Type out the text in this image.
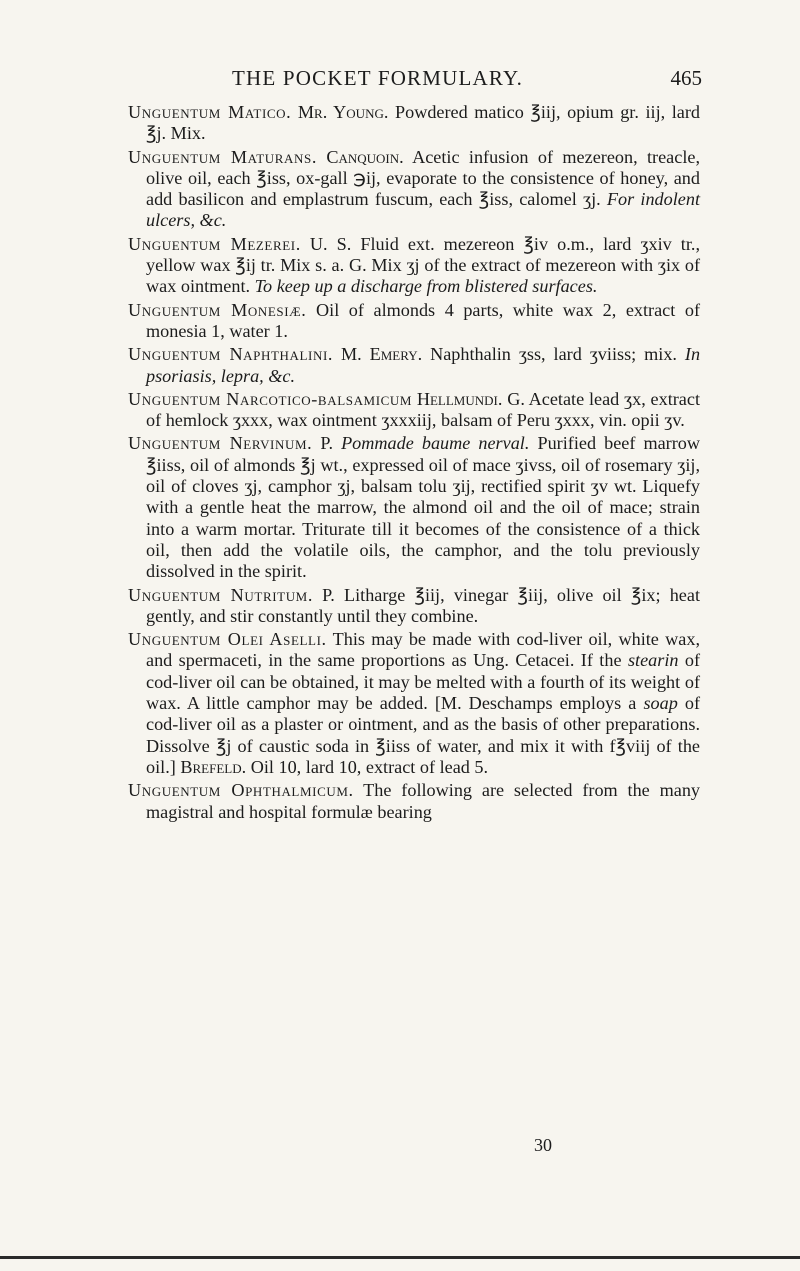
THE POCKET FORMULARY.	465

Unguentum Matico. Mr. Young. Powdered matico ℥iij, opium gr. iij, lard ℥j. Mix.

Unguentum Maturans. Canquoin. Acetic infusion of mezereon, treacle, olive oil, each ℥iss, ox-gall ℈ij, evaporate to the consistence of honey, and add basilicon and emplastrum fuscum, each ℥iss, calomel ʒj. For indolent ulcers, &c.

Unguentum Mezerei. U. S. Fluid ext. mezereon ℥iv o.m., lard ʒxiv tr., yellow wax ℥ij tr. Mix s. a. G. Mix ʒj of the extract of mezereon with ʒix of wax ointment. To keep up a discharge from blistered surfaces.

Unguentum Monesiæ. Oil of almonds 4 parts, white wax 2, extract of monesia 1, water 1.

Unguentum Naphthalini. M. Emery. Naphthalin ʒss, lard ʒviiss; mix. In psoriasis, lepra, &c.

Unguentum Narcotico-balsamicum Hellmundi. G. Acetate lead ʒx, extract of hemlock ʒxxx, wax ointment ʒxxxiij, balsam of Peru ʒxxx, vin. opii ʒv.

Unguentum Nervinum. P. Pommade baume nerval. Purified beef marrow ℥iiss, oil of almonds ℥j wt., expressed oil of mace ʒivss, oil of rosemary ʒij, oil of cloves ʒj, camphor ʒj, balsam tolu ʒij, rectified spirit ʒv wt. Liquefy with a gentle heat the marrow, the almond oil and the oil of mace; strain into a warm mortar. Triturate till it becomes of the consistence of a thick oil, then add the volatile oils, the camphor, and the tolu previously dissolved in the spirit.

Unguentum Nutritum. P. Litharge ℥iij, vinegar ℥iij, olive oil ℥ix; heat gently, and stir constantly until they combine.

Unguentum Olei Aselli. This may be made with cod-liver oil, white wax, and spermaceti, in the same proportions as Ung. Cetacei. If the stearin of cod-liver oil can be obtained, it may be melted with a fourth of its weight of wax. A little camphor may be added. [M. Deschamps employs a soap of cod-liver oil as a plaster or ointment, and as the basis of other preparations. Dissolve ℥j of caustic soda in ℥iiss of water, and mix it with f℥viij of the oil.] Brefeld. Oil 10, lard 10, extract of lead 5.

Unguentum Ophthalmicum. The following are selected from the many magistral and hospital formulæ bearing

30
